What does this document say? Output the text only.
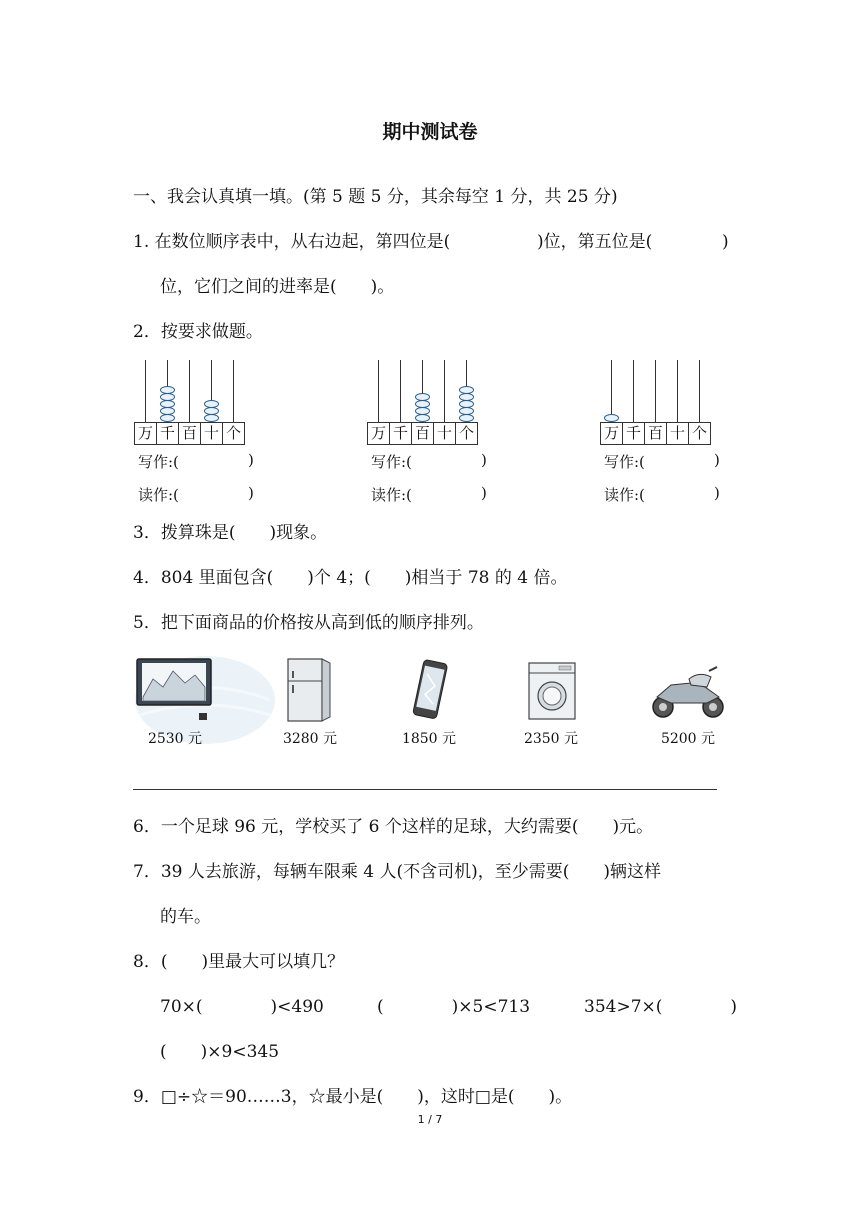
期中测试卷
一、我会认真填一填。(第 5 题 5 分，其余每空 1 分，共 25 分)
1. 在数位顺序表中，从右边起，第四位是(	)位，第五位是(	)
位，它们之间的进率是(　　)。
2．按要求做题。
万 千 百 十 个	万 千 百 十 个	万 千 百 十 个
写作:(	)
读作:(	)
写作:(	)
读作:(	)
写作:(	)
读作:(	)
3．拨算珠是(　　)现象。
4．804 里面包含(　　)个 4；(　　)相当于 78 的 4 倍。
5．把下面商品的价格按从高到低的顺序排列。
2530 元	3280 元	1850 元	2350 元	5200 元
6．一个足球 96 元，学校买了 6 个这样的足球，大约需要(　　)元。
7．39 人去旅游，每辆车限乘 4 人(不含司机)，至少需要(　　)辆这样
的车。
8．(　　)里最大可以填几？
70×(　　　　)<490	(　　　　)×5<713	354>7×(　　　　)
(　　)×9<345
9．□÷☆＝90……3，☆最小是(　　)，这时□是(　　)。
1 / 7
